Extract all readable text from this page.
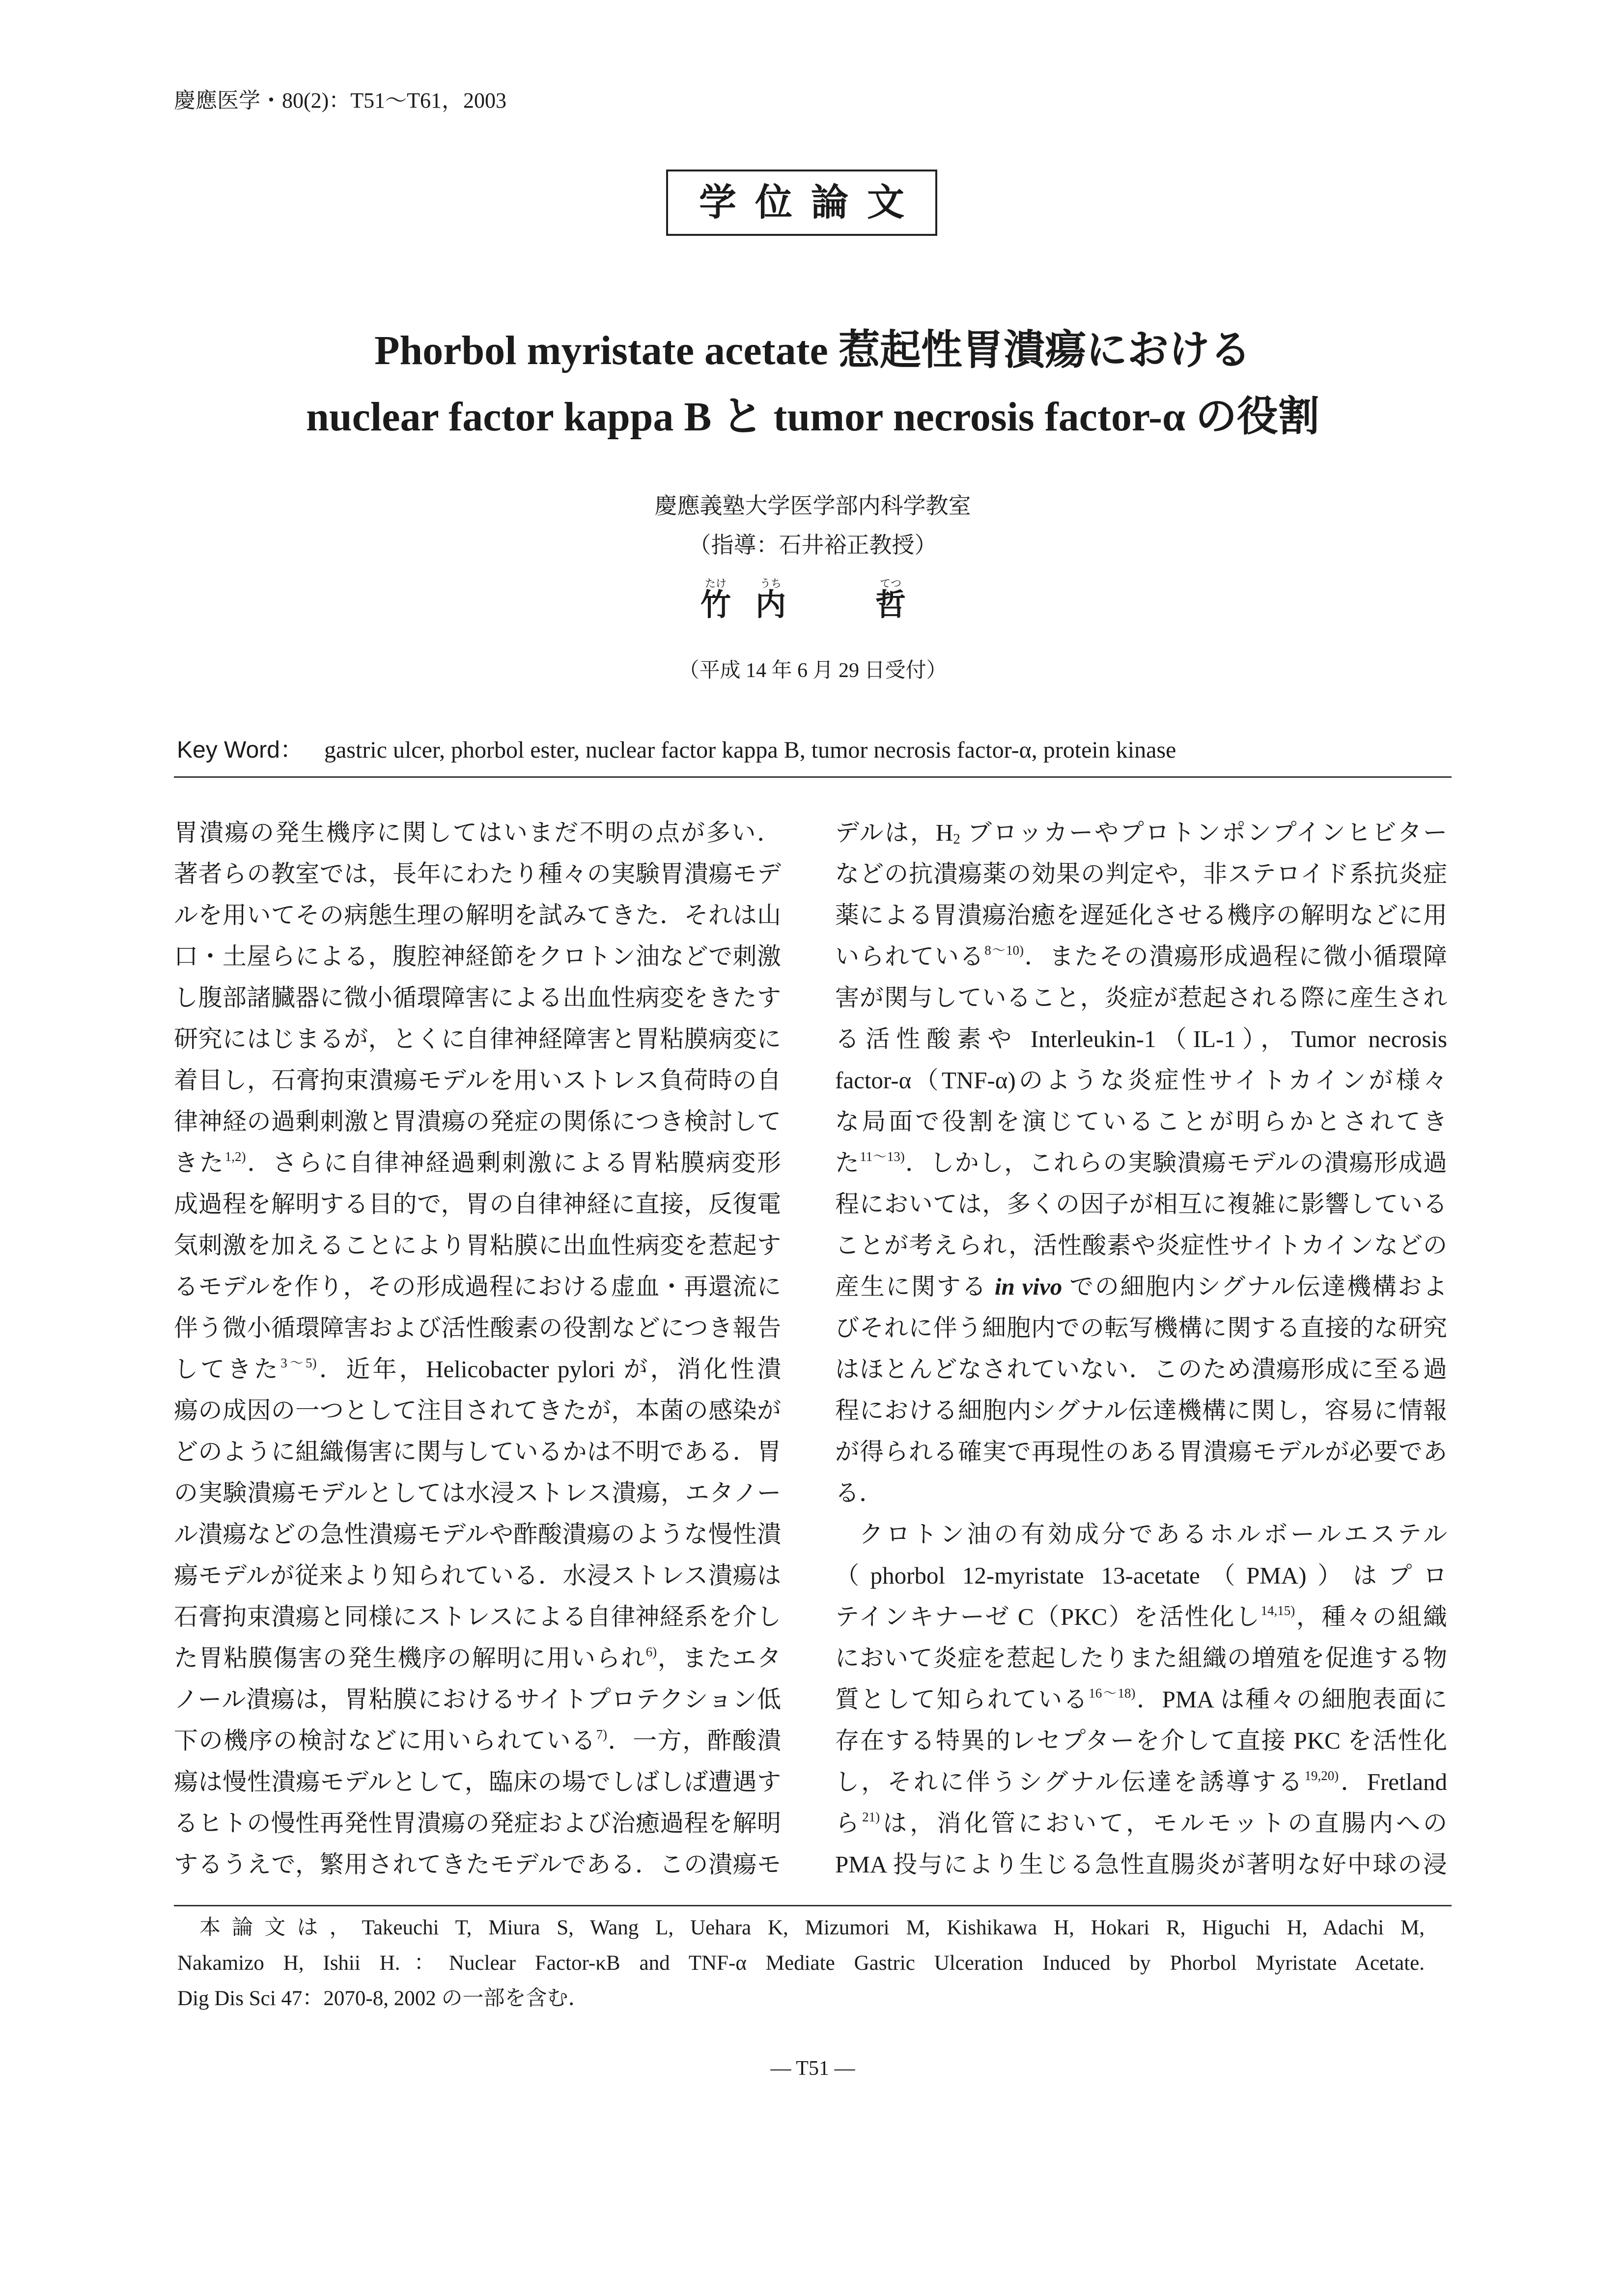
慶應医学・80(2)：T51〜T61，2003
学位論文
Phorbol myristate acetate 惹起性胃潰瘍における
nuclear factor kappa B と tumor necrosis factor-α の役割
慶應義塾大学医学部内科学教室
（指導：石井裕正教授）
たけ
竹
うち
内
てつ
哲
（平成 14 年 6 月 29 日受付）
Key Word： gastric ulcer, phorbol ester, nuclear factor kappa B, tumor necrosis factor-α, protein kinase
胃潰瘍の発生機序に関してはいまだ不明の点が多い．
著者らの教室では，長年にわたり種々の実験胃潰瘍モデ
ルを用いてその病態生理の解明を試みてきた．それは山
口・土屋らによる，腹腔神経節をクロトン油などで刺激
し腹部諸臓器に微小循環障害による出血性病変をきたす
研究にはじまるが，とくに自律神経障害と胃粘膜病変に
着目し，石膏拘束潰瘍モデルを用いストレス負荷時の自
律神経の過剰刺激と胃潰瘍の発症の関係につき検討して
きた$^{1,2)}$．さらに自律神経過剰刺激による胃粘膜病変形
成過程を解明する目的で，胃の自律神経に直接，反復電
気刺激を加えることにより胃粘膜に出血性病変を惹起す
るモデルを作り，その形成過程における虚血・再還流に
伴う微小循環障害および活性酸素の役割などにつき報告
してきた$^{3〜5)}$．近年，Helicobacter pylori が，消化性潰
瘍の成因の一つとして注目されてきたが，本菌の感染が
どのように組織傷害に関与しているかは不明である．胃
の実験潰瘍モデルとしては水浸ストレス潰瘍，エタノー
ル潰瘍などの急性潰瘍モデルや酢酸潰瘍のような慢性潰
瘍モデルが従来より知られている．水浸ストレス潰瘍は
石膏拘束潰瘍と同様にストレスによる自律神経系を介し
た胃粘膜傷害の発生機序の解明に用いられ$^{6)}$，またエタ
ノール潰瘍は，胃粘膜におけるサイトプロテクション低
下の機序の検討などに用いられている$^{7)}$．一方，酢酸潰
瘍は慢性潰瘍モデルとして，臨床の場でしばしば遭遇す
るヒトの慢性再発性胃潰瘍の発症および治癒過程を解明
するうえで，繁用されてきたモデルである．この潰瘍モ
デルは，$H_2$ ブロッカーやプロトンポンプインヒビター
などの抗潰瘍薬の効果の判定や，非ステロイド系抗炎症
薬による胃潰瘍治癒を遅延化させる機序の解明などに用
いられている$^{8〜10)}$．またその潰瘍形成過程に微小循環障
害が関与していること，炎症が惹起される際に産生され
る活性酸素や Interleukin-1（IL-1），Tumor necrosis
factor-α（TNF-α)のような炎症性サイトカインが様々
な局面で役割を演じていることが明らかとされてき
た$^{11〜13)}$．しかし，これらの実験潰瘍モデルの潰瘍形成過
程においては，多くの因子が相互に複雑に影響している
ことが考えられ，活性酸素や炎症性サイトカインなどの
産生に関する in vivo での細胞内シグナル伝達機構およ
びそれに伴う細胞内での転写機構に関する直接的な研究
はほとんどなされていない．このため潰瘍形成に至る過
程における細胞内シグナル伝達機構に関し，容易に情報
が得られる確実で再現性のある胃潰瘍モデルが必要であ
る．
クロトン油の有効成分であるホルボールエステル
（phorbol 12-myristate 13-acetate（PMA)）はプロ
テインキナーゼ C（PKC）を活性化し$^{14,15)}$，種々の組織
において炎症を惹起したりまた組織の増殖を促進する物
質として知られている$^{16〜18)}$．PMA は種々の細胞表面に
存在する特異的レセプターを介して直接 PKC を活性化
し，それに伴うシグナル伝達を誘導する$^{19,20)}$．Fretland
ら$^{21)}$は，消化管において，モルモットの直腸内への
PMA 投与により生じる急性直腸炎が著明な好中球の浸
本論文は，Takeuchi T, Miura S, Wang L, Uehara K, Mizumori M, Kishikawa H, Hokari R, Higuchi H, Adachi M,
Nakamizo H, Ishii H.：Nuclear Factor-κB and TNF-α Mediate Gastric Ulceration Induced by Phorbol Myristate Acetate.
Dig Dis Sci 47：2070-8, 2002 の一部を含む．
— T51 —
